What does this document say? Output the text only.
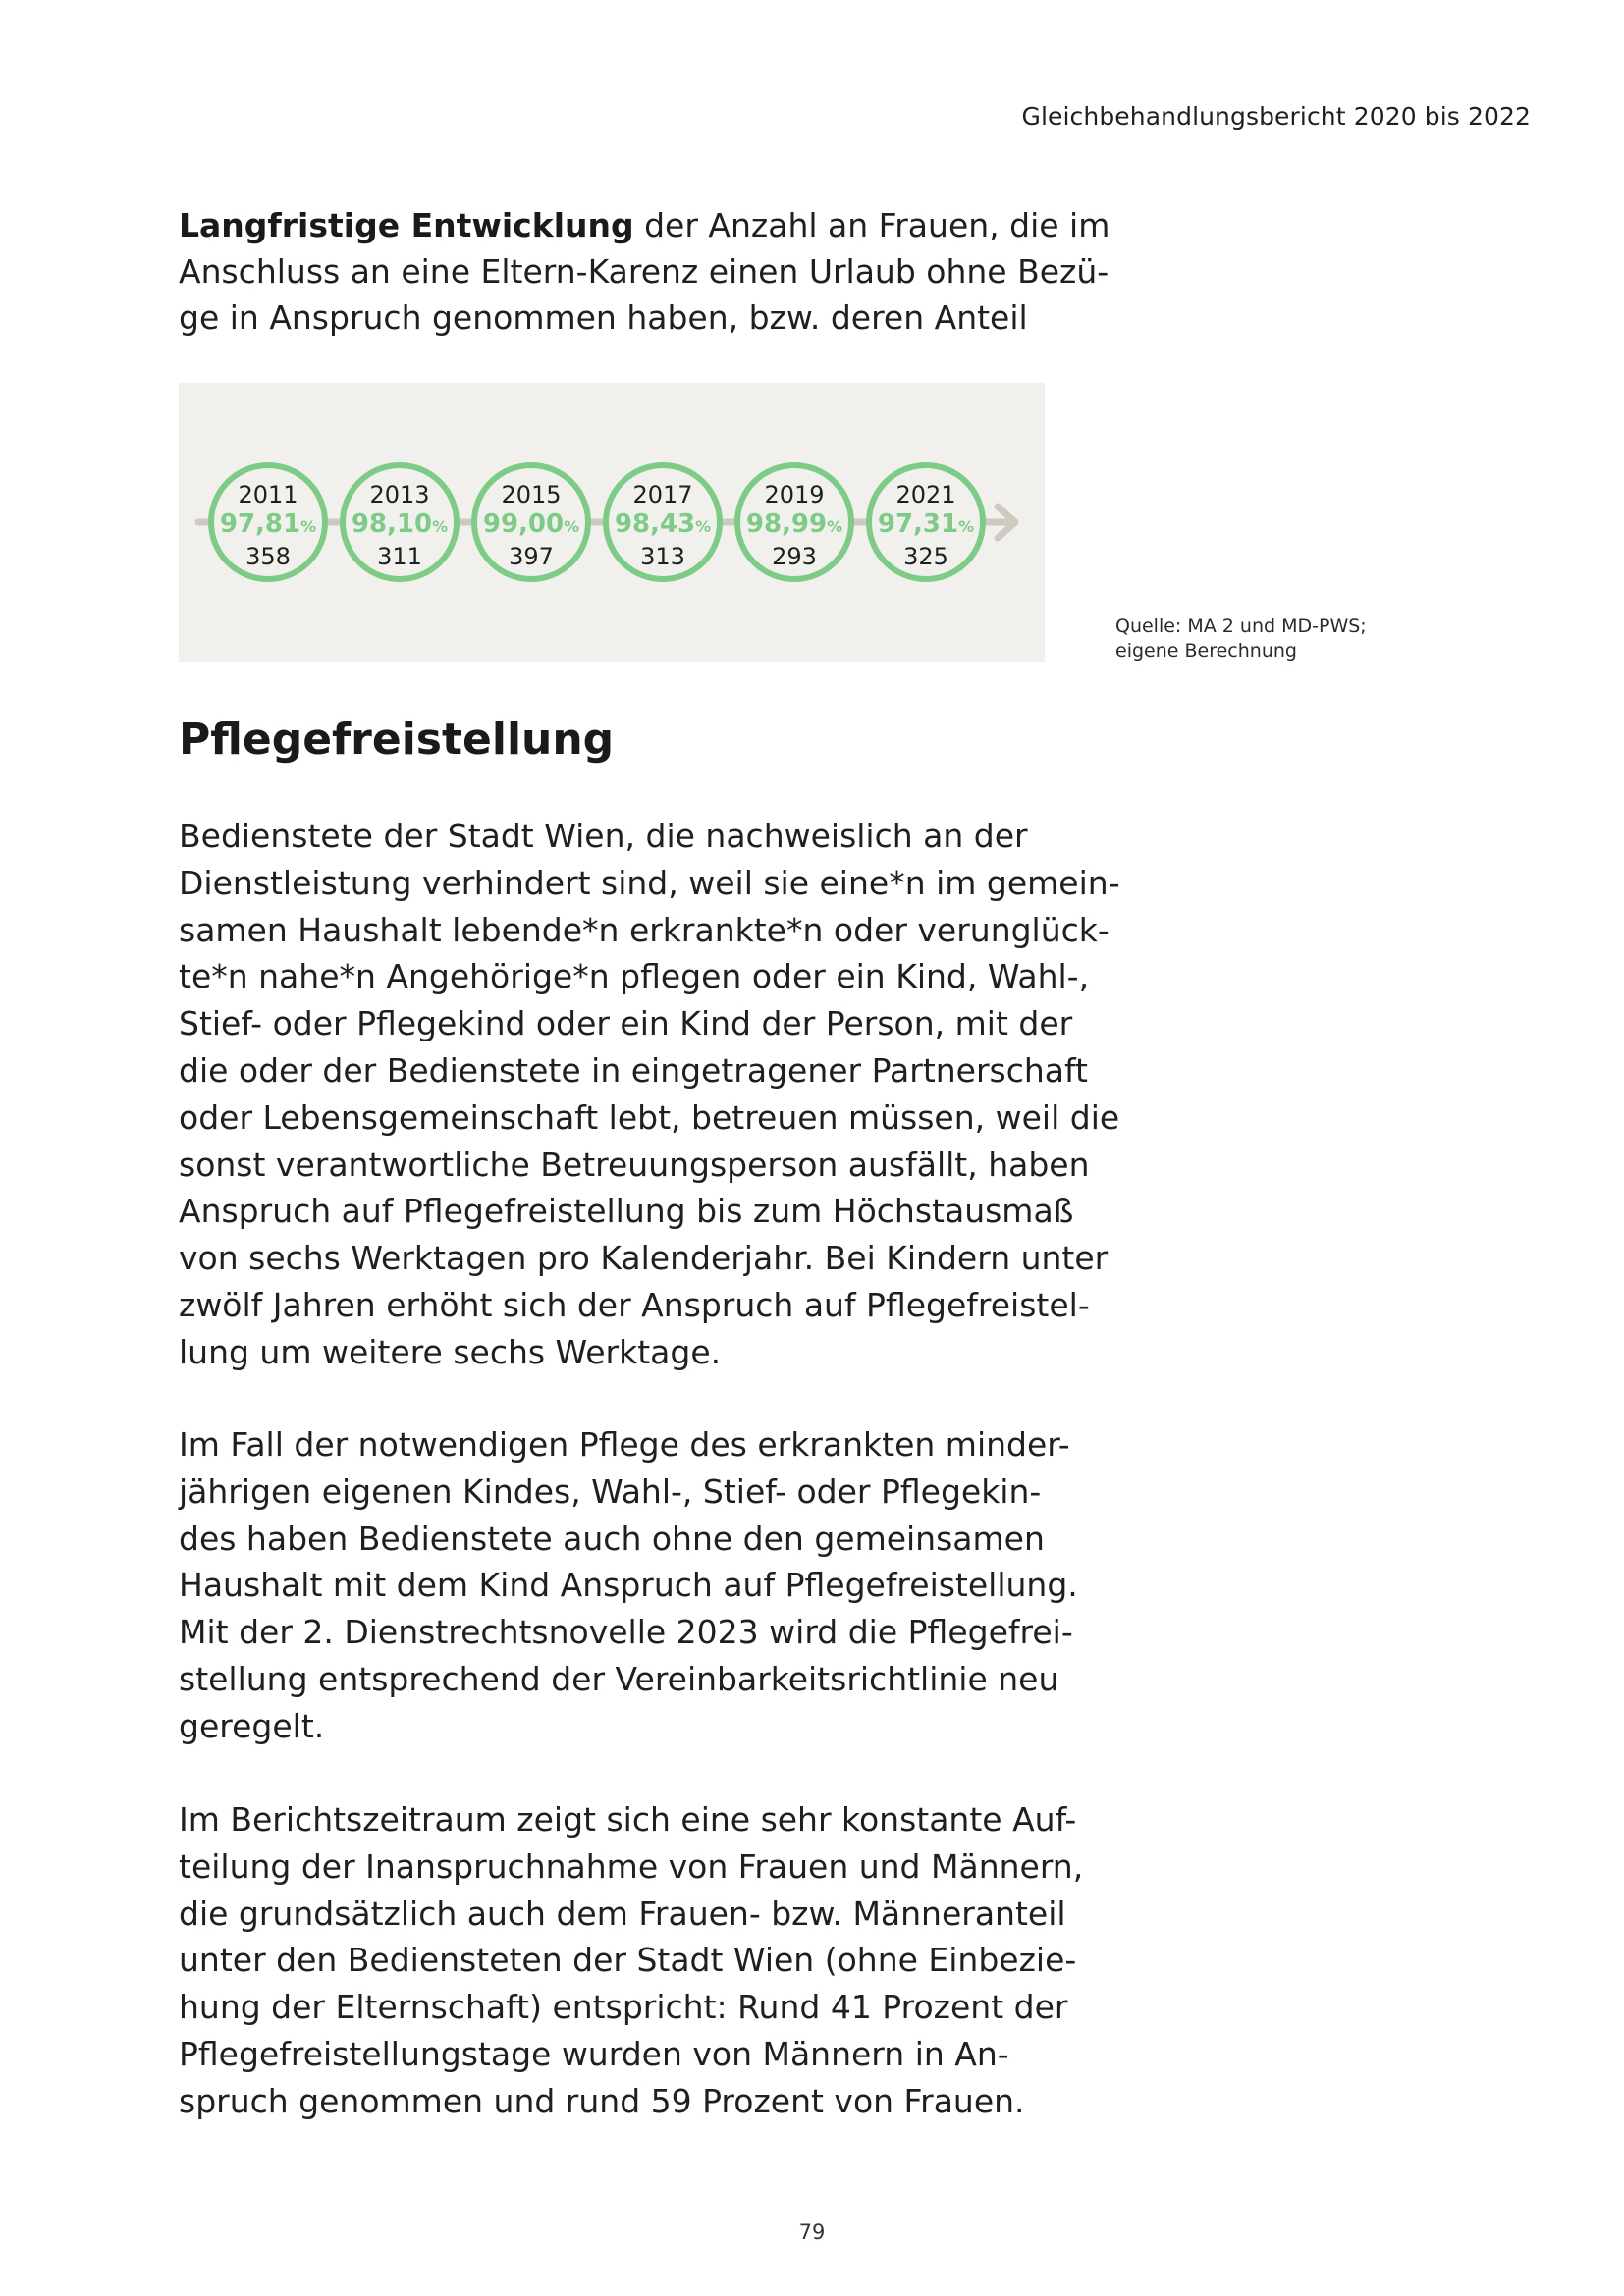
Gleichbehandlungsbericht 2020 bis 2022
Langfristige Entwicklung der Anzahl an Frauen, die im
Anschluss an eine Eltern-Karenz einen Urlaub ohne Bezü-
ge in Anspruch genommen haben, bzw. deren Anteil
2011
97,81%
358
2013
98,10%
311
2015
99,00%
397
2017
98,43%
313
2019
98,99%
293
2021
97,31%
325
Quelle: MA 2 und MD-PWS;
eigene Berechnung
Pflegefreistellung
Bedienstete der Stadt Wien, die nachweislich an der
Dienstleistung verhindert sind, weil sie eine*n im gemein-
samen Haushalt lebende*n erkrankte*n oder verunglück-
te*n nahe*n Angehörige*n pflegen oder ein Kind, Wahl-,
Stief- oder Pflegekind oder ein Kind der Person, mit der
die oder der Bedienstete in eingetragener Partnerschaft
oder Lebensgemeinschaft lebt, betreuen müssen, weil die
sonst verantwortliche Betreuungsperson ausfällt, haben
Anspruch auf Pflegefreistellung bis zum Höchstausmaß
von sechs Werktagen pro Kalenderjahr. Bei Kindern unter
zwölf Jahren erhöht sich der Anspruch auf Pflegefreistel-
lung um weitere sechs Werktage.
Im Fall der notwendigen Pflege des erkrankten minder-
jährigen eigenen Kindes, Wahl-, Stief- oder Pflegekin-
des haben Bedienstete auch ohne den gemeinsamen
Haushalt mit dem Kind Anspruch auf Pflegefreistellung.
Mit der 2. Dienstrechtsnovelle 2023 wird die Pflegefrei-
stellung entsprechend der Vereinbarkeitsrichtlinie neu
geregelt.
Im Berichtszeitraum zeigt sich eine sehr konstante Auf-
teilung der Inanspruchnahme von Frauen und Männern,
die grundsätzlich auch dem Frauen- bzw. Männeranteil
unter den Bediensteten der Stadt Wien (ohne Einbezie-
hung der Elternschaft) entspricht: Rund 41 Prozent der
Pflegefreistellungstage wurden von Männern in An-
spruch genommen und rund 59 Prozent von Frauen.
79
